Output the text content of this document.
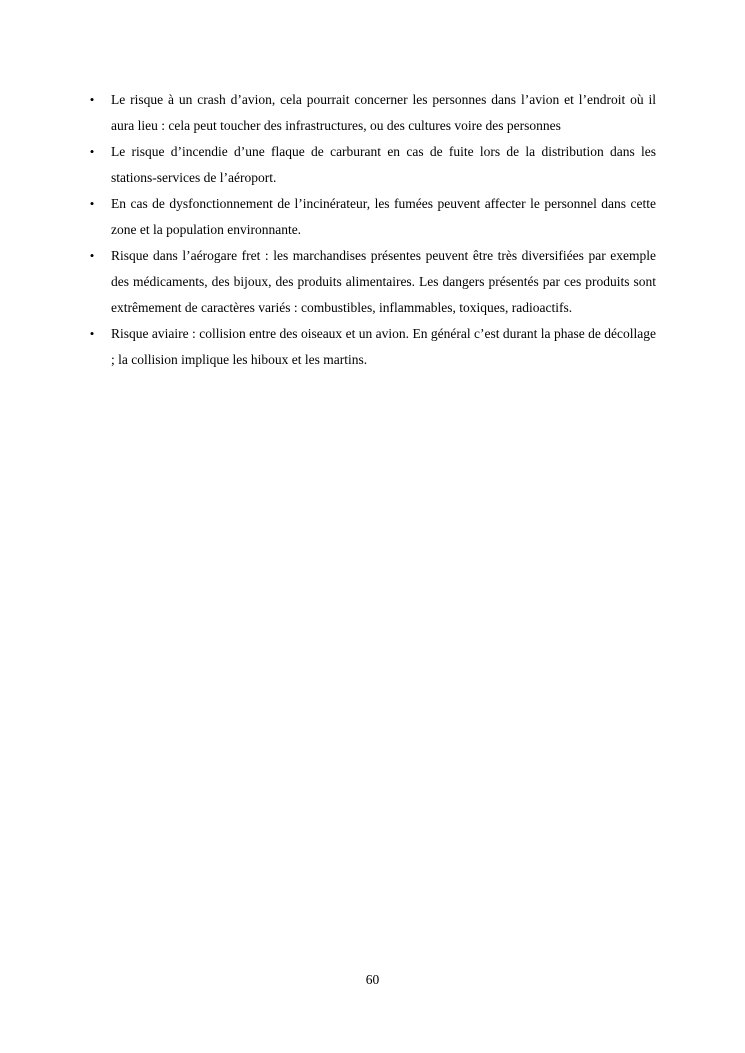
• Le risque à un crash d’avion, cela pourrait concerner les personnes dans l’avion et l’endroit où il aura lieu : cela peut toucher des infrastructures, ou des cultures voire des personnes
• Le risque d’incendie d’une flaque de carburant en cas de fuite lors de la distribution dans les stations-services de l’aéroport.
• En cas de dysfonctionnement de l’incinérateur, les fumées peuvent affecter le personnel dans cette zone et la population environnante.
• Risque dans l’aérogare fret : les marchandises présentes peuvent être très diversifiées par exemple des médicaments, des bijoux, des produits alimentaires. Les dangers présentés par ces produits sont extrêmement de caractères variés : combustibles, inflammables, toxiques, radioactifs.
• Risque aviaire : collision entre des oiseaux et un avion. En général c’est durant la phase de décollage ; la collision implique les hiboux et les martins.
60
